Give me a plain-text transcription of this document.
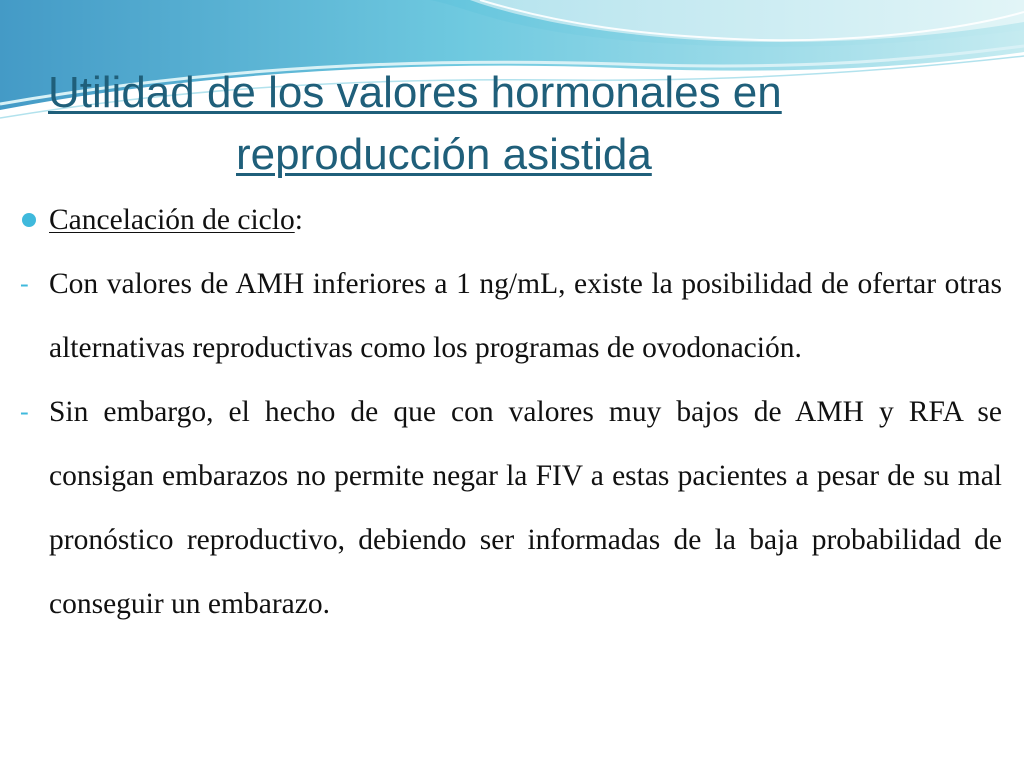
Utilidad de los valores hormonales en
reproducción asistida
Cancelación de ciclo:
- Con valores de AMH inferiores a 1 ng/mL, existe la posibilidad de ofertar otras alternativas reproductivas como los programas de ovodonación.
- Sin embargo, el hecho de que con valores muy bajos de AMH y RFA se consigan embarazos no permite negar la FIV a estas pacientes a pesar de su mal pronóstico reproductivo, debiendo ser informadas de la baja probabilidad de conseguir un embarazo.
